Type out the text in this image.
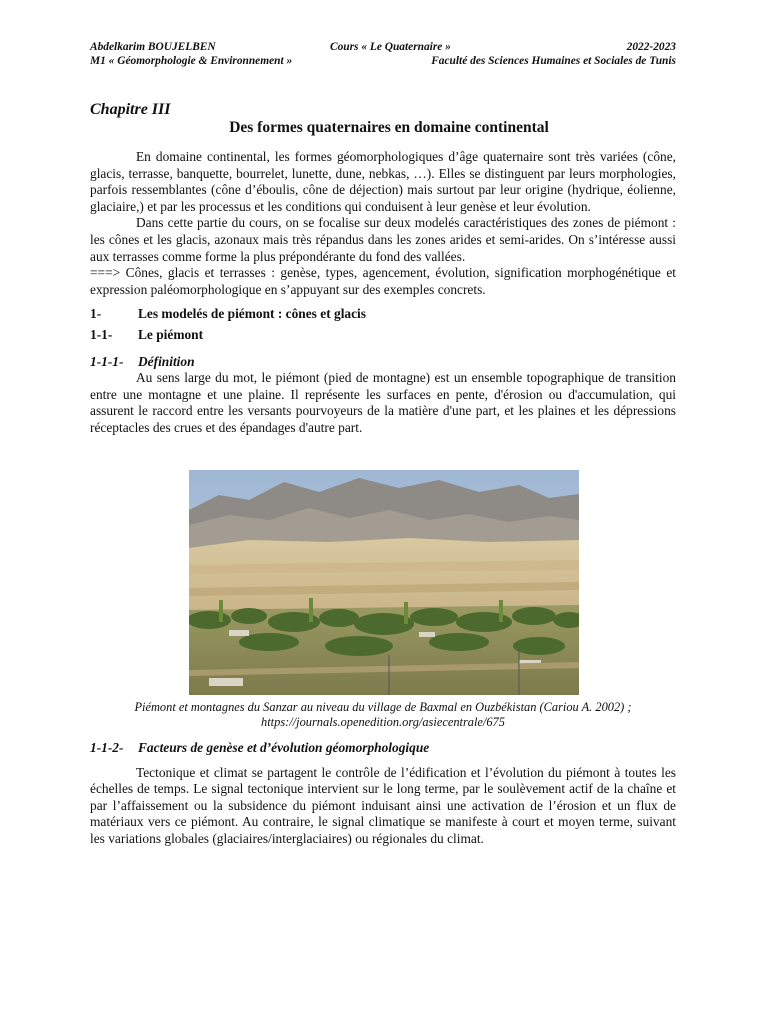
Abdelkarim BOUJELBEN	Cours « Le Quaternaire »	2022-2023
M1 « Géomorphologie & Environnement »	Faculté des Sciences Humaines et Sociales de Tunis
Chapitre III
Des formes quaternaires en domaine continental

En domaine continental, les formes géomorphologiques d’âge quaternaire sont très variées (cône, glacis, terrasse, banquette, bourrelet, lunette, dune, nebkas, …). Elles se distinguent par leurs morphologies, parfois ressemblantes (cône d’éboulis, cône de déjection) mais surtout par leur origine (hydrique, éolienne, glaciaire,) et par les processus et les conditions qui conduisent à leur genèse et leur évolution.

Dans cette partie du cours, on se focalise sur deux modelés caractéristiques des zones de piémont : les cônes et les glacis, azonaux mais très répandus dans les zones arides et semi-arides. On s’intéresse aussi aux terrasses comme forme la plus prépondérante du fond des vallées.

===> Cônes, glacis et terrasses : genèse, types, agencement, évolution, signification morphogénétique et expression paléomorphologique en s’appuyant sur des exemples concrets.

1-	Les modelés de piémont : cônes et glacis
1-1-	Le piémont
1-1-1-	Définition

Au sens large du mot, le piémont (pied de montagne) est un ensemble topographique de transition entre une montagne et une plaine. Il représente les surfaces en pente, d'érosion ou d'accumulation, qui assurent le raccord entre les versants pourvoyeurs de la matière d'une part, et les plaines et les dépressions réceptacles des crues et des épandages d'autre part.

Piémont et montagnes du Sanzar au niveau du village de Baxmal en Ouzbékistan (Cariou A. 2002) ;
https://journals.openedition.org/asiecentrale/675
1-1-2-	Facteurs de genèse et d’évolution géomorphologique

Tectonique et climat se partagent le contrôle de l’édification et l’évolution du piémont à toutes les échelles de temps. Le signal tectonique intervient sur le long terme, par le soulèvement actif de la chaîne et par l’affaissement ou la subsidence du piémont induisant ainsi une activation de l’érosion et un flux de matériaux vers ce piémont. Au contraire, le signal climatique se manifeste à court et moyen terme, suivant les variations globales (glaciaires/interglaciaires) ou régionales du climat.
